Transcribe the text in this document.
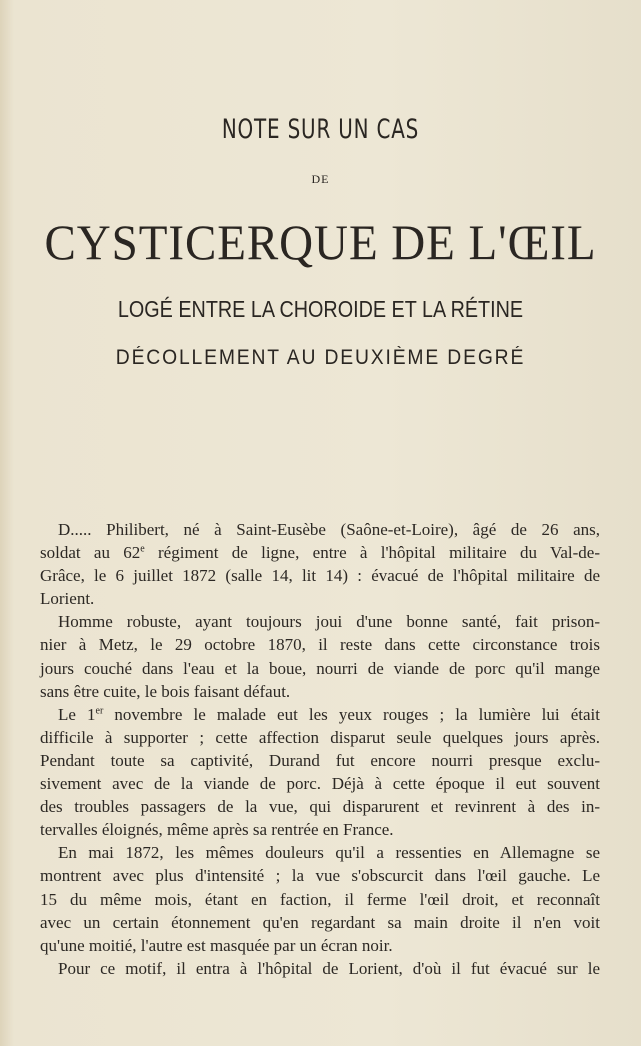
NOTE SUR UN CAS
DE
CYSTICERQUE DE L'ŒIL
LOGÉ ENTRE LA CHOROIDE ET LA RÉTINE
DÉCOLLEMENT AU DEUXIÈME DEGRÉ
D..... Philibert, né à Saint-Eusèbe (Saône-et-Loire), âgé de 26 ans,
soldat au 62e régiment de ligne, entre à l'hôpital militaire du Val-de-
Grâce, le 6 juillet 1872 (salle 14, lit 14) : évacué de l'hôpital militaire de
Lorient.
Homme robuste, ayant toujours joui d'une bonne santé, fait prison-
nier à Metz, le 29 octobre 1870, il reste dans cette circonstance trois
jours couché dans l'eau et la boue, nourri de viande de porc qu'il mange
sans être cuite, le bois faisant défaut.
Le 1er novembre le malade eut les yeux rouges ; la lumière lui était
difficile à supporter ; cette affection disparut seule quelques jours après.
Pendant toute sa captivité, Durand fut encore nourri presque exclu-
sivement avec de la viande de porc. Déjà à cette époque il eut souvent
des troubles passagers de la vue, qui disparurent et revinrent à des in-
tervalles éloignés, même après sa rentrée en France.
En mai 1872, les mêmes douleurs qu'il a ressenties en Allemagne se
montrent avec plus d'intensité ; la vue s'obscurcit dans l'œil gauche. Le
15 du même mois, étant en faction, il ferme l'œil droit, et reconnaît
avec un certain étonnement qu'en regardant sa main droite il n'en voit
qu'une moitié, l'autre est masquée par un écran noir.
Pour ce motif, il entra à l'hôpital de Lorient, d'où il fut évacué sur le
